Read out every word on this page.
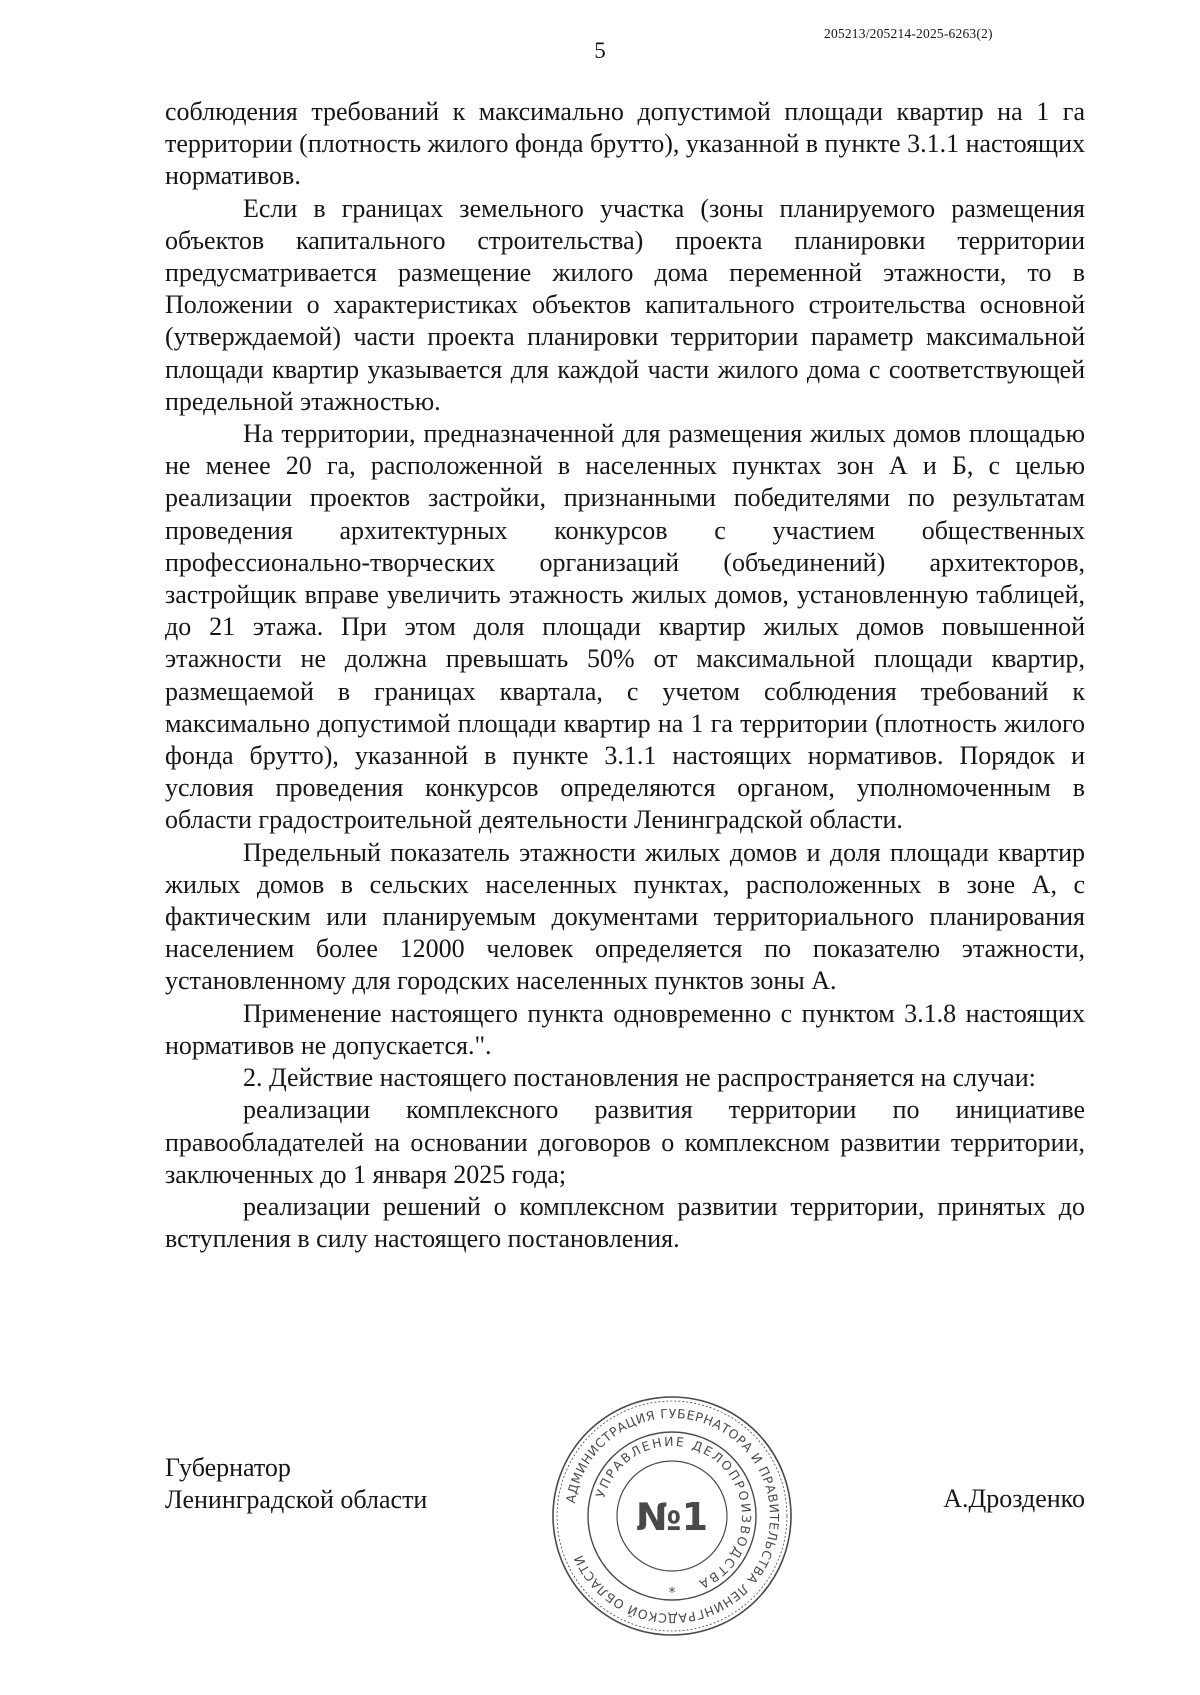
205213/205214-2025-6263(2)
5

соблюдения требований к максимально допустимой площади квартир на 1 га территории (плотность жилого фонда брутто), указанной в пункте 3.1.1 настоящих нормативов.

Если в границах земельного участка (зоны планируемого размещения объектов капитального строительства) проекта планировки территории предусматривается размещение жилого дома переменной этажности, то в Положении о характеристиках объектов капитального строительства основной (утверждаемой) части проекта планировки территории параметр максимальной площади квартир указывается для каждой части жилого дома с соответствующей предельной этажностью.

На территории, предназначенной для размещения жилых домов площадью не менее 20 га, расположенной в населенных пунктах зон А и Б, с целью реализации проектов застройки, признанными победителями по результатам проведения архитектурных конкурсов с участием общественных профессионально-творческих организаций (объединений) архитекторов, застройщик вправе увеличить этажность жилых домов, установленную таблицей, до 21 этажа. При этом доля площади квартир жилых домов повышенной этажности не должна превышать 50% от максимальной площади квартир, размещаемой в границах квартала, с учетом соблюдения требований к максимально допустимой площади квартир на 1 га территории (плотность жилого фонда брутто), указанной в пункте 3.1.1 настоящих нормативов. Порядок и условия проведения конкурсов определяются органом, уполномоченным в области градостроительной деятельности Ленинградской области.

Предельный показатель этажности жилых домов и доля площади квартир жилых домов в сельских населенных пунктах, расположенных в зоне А, с фактическим или планируемым документами территориального планирования населением более 12000 человек определяется по показателю этажности, установленному для городских населенных пунктов зоны А.

Применение настоящего пункта одновременно с пунктом 3.1.8 настоящих нормативов не допускается.".

2. Действие настоящего постановления не распространяется на случаи:

реализации комплексного развития территории по инициативе правообладателей на основании договоров о комплексном развитии территории, заключенных до 1 января 2025 года;

реализации решений о комплексном развитии территории, принятых до вступления в силу настоящего постановления.

Губернатор
Ленинградской области	А.Дрозденко
АДМИНИСТРАЦИЯ ГУБЕРНАТОРА И ПРАВИТЕЛЬСТВА ЛЕНИНГРАДСКОЙ ОБЛАСТИ
УПРАВЛЕНИЕ ДЕЛОПРОИЗВОДСТВА
№1
*
